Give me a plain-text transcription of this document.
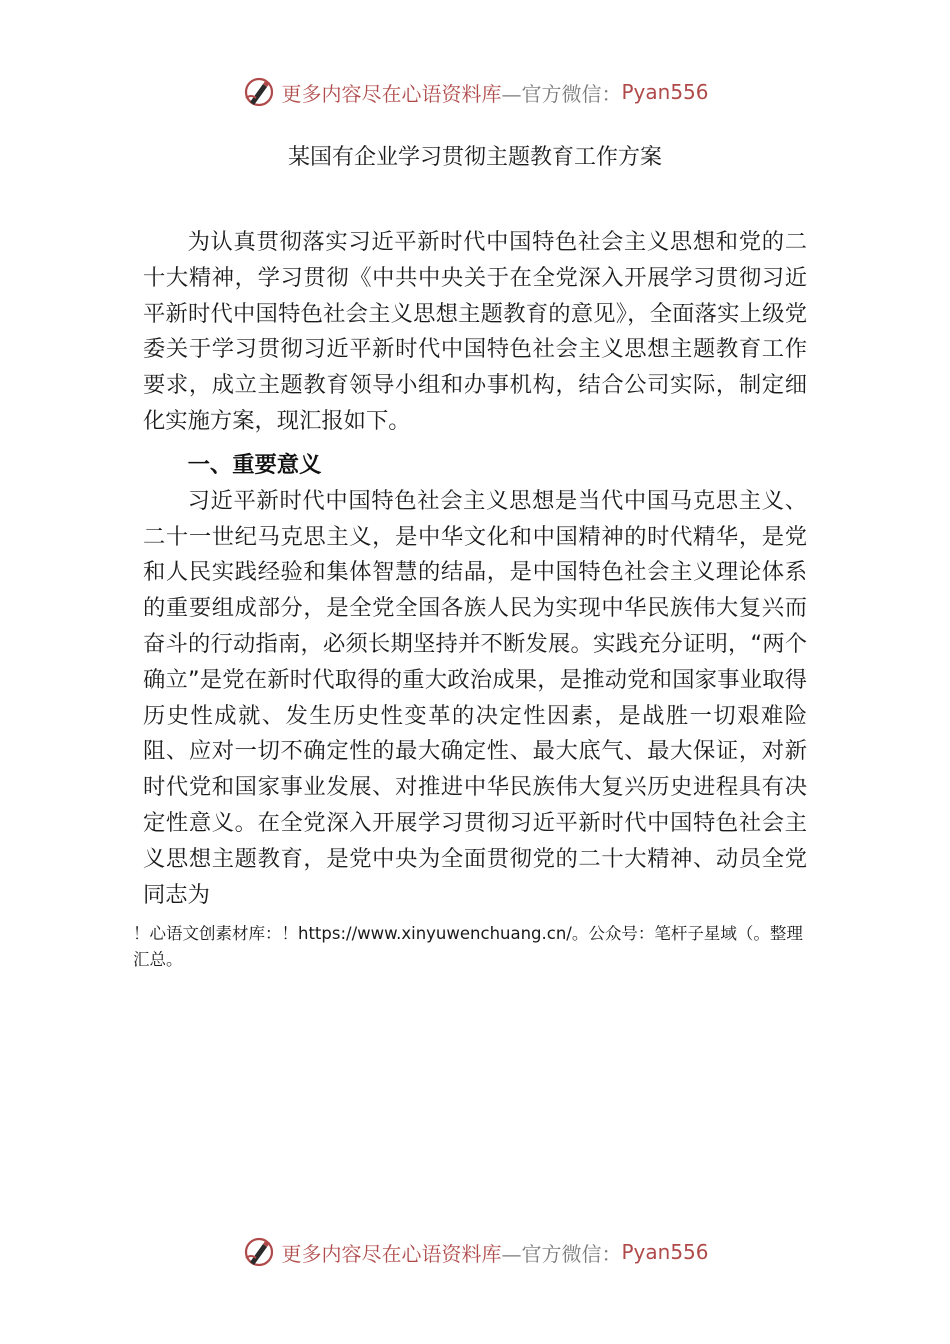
更多内容尽在心语资料库 —官方微信： Pyan556
某国有企业学习贯彻主题教育工作方案

为认真贯彻落实习近平新时代中国特色社会主义思想和党的二十大精神，学习贯彻《中共中央关于在全党深入开展学习贯彻习近平新时代中国特色社会主义思想主题教育的意见》，全面落实上级党委关于学习贯彻习近平新时代中国特色社会主义思想主题教育工作要求，成立主题教育领导小组和办事机构，结合公司实际，制定细化实施方案，现汇报如下。

一、重要意义

习近平新时代中国特色社会主义思想是当代中国马克思主义、二十一世纪马克思主义，是中华文化和中国精神的时代精华，是党和人民实践经验和集体智慧的结晶，是中国特色社会主义理论体系的重要组成部分，是全党全国各族人民为实现中华民族伟大复兴而奋斗的行动指南，必须长期坚持并不断发展。实践充分证明，“两个确立”是党在新时代取得的重大政治成果，是推动党和国家事业取得历史性成就、发生历史性变革的决定性因素，是战胜一切艰难险阻、应对一切不确定性的最大确定性、最大底气、最大保证，对新时代党和国家事业发展、对推进中华民族伟大复兴历史进程具有决定性意义。在全党深入开展学习贯彻习近平新时代中国特色社会主义思想主题教育，是党中央为全面贯彻党的二十大精神、动员全党同志为

！心语文创素材库：！https://www.xinyuwenchuang.cn/。公众号：笔杆子星域（。整理汇总。

更多内容尽在心语资料库 —官方微信： Pyan556
